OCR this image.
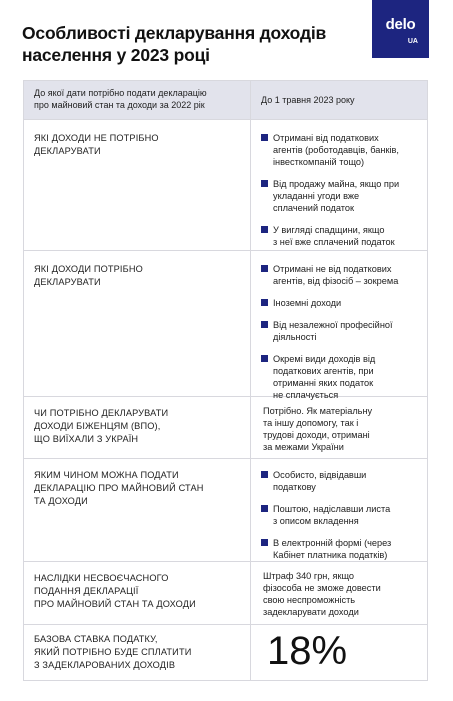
Особливості декларування доходів
населення у 2023 році
delo
UA
До якої дати потрібно подати декларацію
про майновий стан та доходи за 2022 рік	До 1 травня 2023 року
ЯКІ ДОХОДИ НЕ ПОТРІБНО
ДЕКЛАРУВАТИ
Отримані від податкових
агентів (роботодавців, банків,
інвесткомпаній тощо)
Від продажу майна, якщо при
укладанні угоди вже
сплачений податок
У вигляді спадщини, якщо
з неї вже сплачений податок
ЯКІ ДОХОДИ ПОТРІБНО
ДЕКЛАРУВАТИ
Отримані не від податкових
агентів, від фізосіб – зокрема
Іноземні доходи
Від незалежної професійної
діяльності
Окремі види доходів від
податкових агентів, при
отриманні яких податок
не сплачується
ЧИ ПОТРІБНО ДЕКЛАРУВАТИ
ДОХОДИ БІЖЕНЦЯМ (ВПО),
ЩО ВИЇХАЛИ З УКРАЇН
Потрібно. Як матеріальну
та іншу допомогу, так і
трудові доходи, отримані
за межами України
ЯКИМ ЧИНОМ МОЖНА ПОДАТИ
ДЕКЛАРАЦІЮ ПРО МАЙНОВИЙ СТАН
ТА ДОХОДИ
Особисто, відвідавши
податкову
Поштою, надіславши листа
з описом вкладення
В електронній формі (через
Кабінет платника податків)
НАСЛІДКИ НЕСВОЄЧАСНОГО
ПОДАННЯ ДЕКЛАРАЦІЇ
ПРО МАЙНОВИЙ СТАН ТА ДОХОДИ
Штраф 340 грн, якщо
фізособа не зможе довести
свою неспроможність
задекларувати доходи
БАЗОВА СТАВКА ПОДАТКУ,
ЯКИЙ ПОТРІБНО БУДЕ СПЛАТИТИ
З ЗАДЕКЛАРОВАНИХ ДОХОДІВ	18%
